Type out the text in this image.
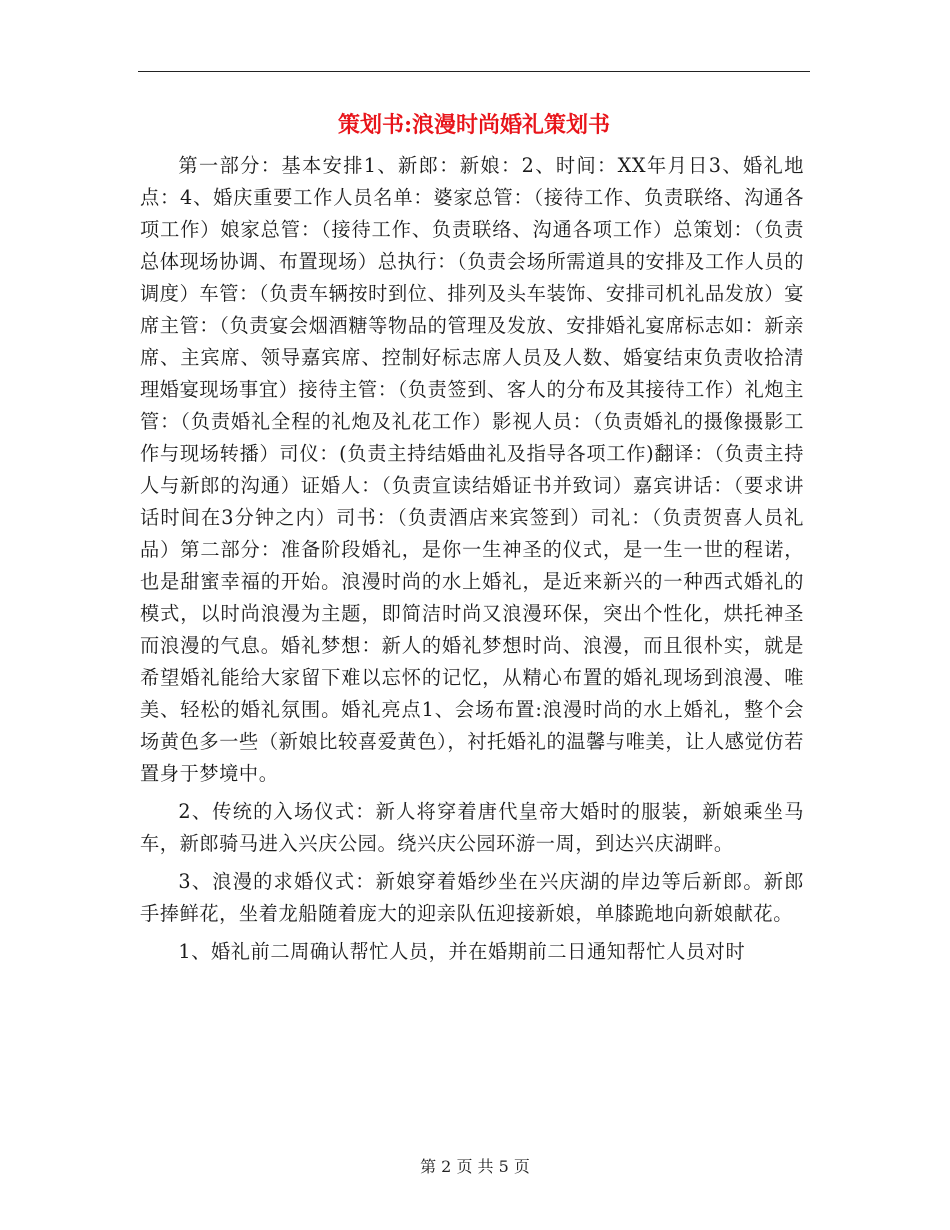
策划书:浪漫时尚婚礼策划书

第一部分：基本安排1、新郎：新娘：2、时间：XX年月日3、婚礼地点：4、婚庆重要工作人员名单：婆家总管：（接待工作、负责联络、沟通各项工作）娘家总管：（接待工作、负责联络、沟通各项工作）总策划：（负责总体现场协调、布置现场）总执行：（负责会场所需道具的安排及工作人员的调度）车管：（负责车辆按时到位、排列及头车装饰、安排司机礼品发放）宴席主管：（负责宴会烟酒糖等物品的管理及发放、安排婚礼宴席标志如：新亲席、主宾席、领导嘉宾席、控制好标志席人员及人数、婚宴结束负责收拾清理婚宴现场事宜）接待主管：（负责签到、客人的分布及其接待工作）礼炮主管：（负责婚礼全程的礼炮及礼花工作）影视人员：（负责婚礼的摄像摄影工作与现场转播）司仪：(负责主持结婚曲礼及指导各项工作)翻译：（负责主持人与新郎的沟通）证婚人：（负责宣读结婚证书并致词）嘉宾讲话：（要求讲话时间在3分钟之内）司书：（负责酒店来宾签到）司礼：（负责贺喜人员礼品）第二部分：准备阶段婚礼，是你一生神圣的仪式，是一生一世的程诺，也是甜蜜幸福的开始。浪漫时尚的水上婚礼，是近来新兴的一种西式婚礼的模式，以时尚浪漫为主题，即简洁时尚又浪漫环保，突出个性化，烘托神圣而浪漫的气息。婚礼梦想：新人的婚礼梦想时尚、浪漫，而且很朴实，就是希望婚礼能给大家留下难以忘怀的记忆，从精心布置的婚礼现场到浪漫、唯美、轻松的婚礼氛围。婚礼亮点1、会场布置:浪漫时尚的水上婚礼，整个会场黄色多一些（新娘比较喜爱黄色），衬托婚礼的温馨与唯美，让人感觉仿若置身于梦境中。

2、传统的入场仪式：新人将穿着唐代皇帝大婚时的服装，新娘乘坐马车，新郎骑马进入兴庆公园。绕兴庆公园环游一周，到达兴庆湖畔。

3、浪漫的求婚仪式：新娘穿着婚纱坐在兴庆湖的岸边等后新郎。新郎手捧鲜花，坐着龙船随着庞大的迎亲队伍迎接新娘，单膝跪地向新娘献花。

1、婚礼前二周确认帮忙人员，并在婚期前二日通知帮忙人员对时

第 2 页 共 5 页
